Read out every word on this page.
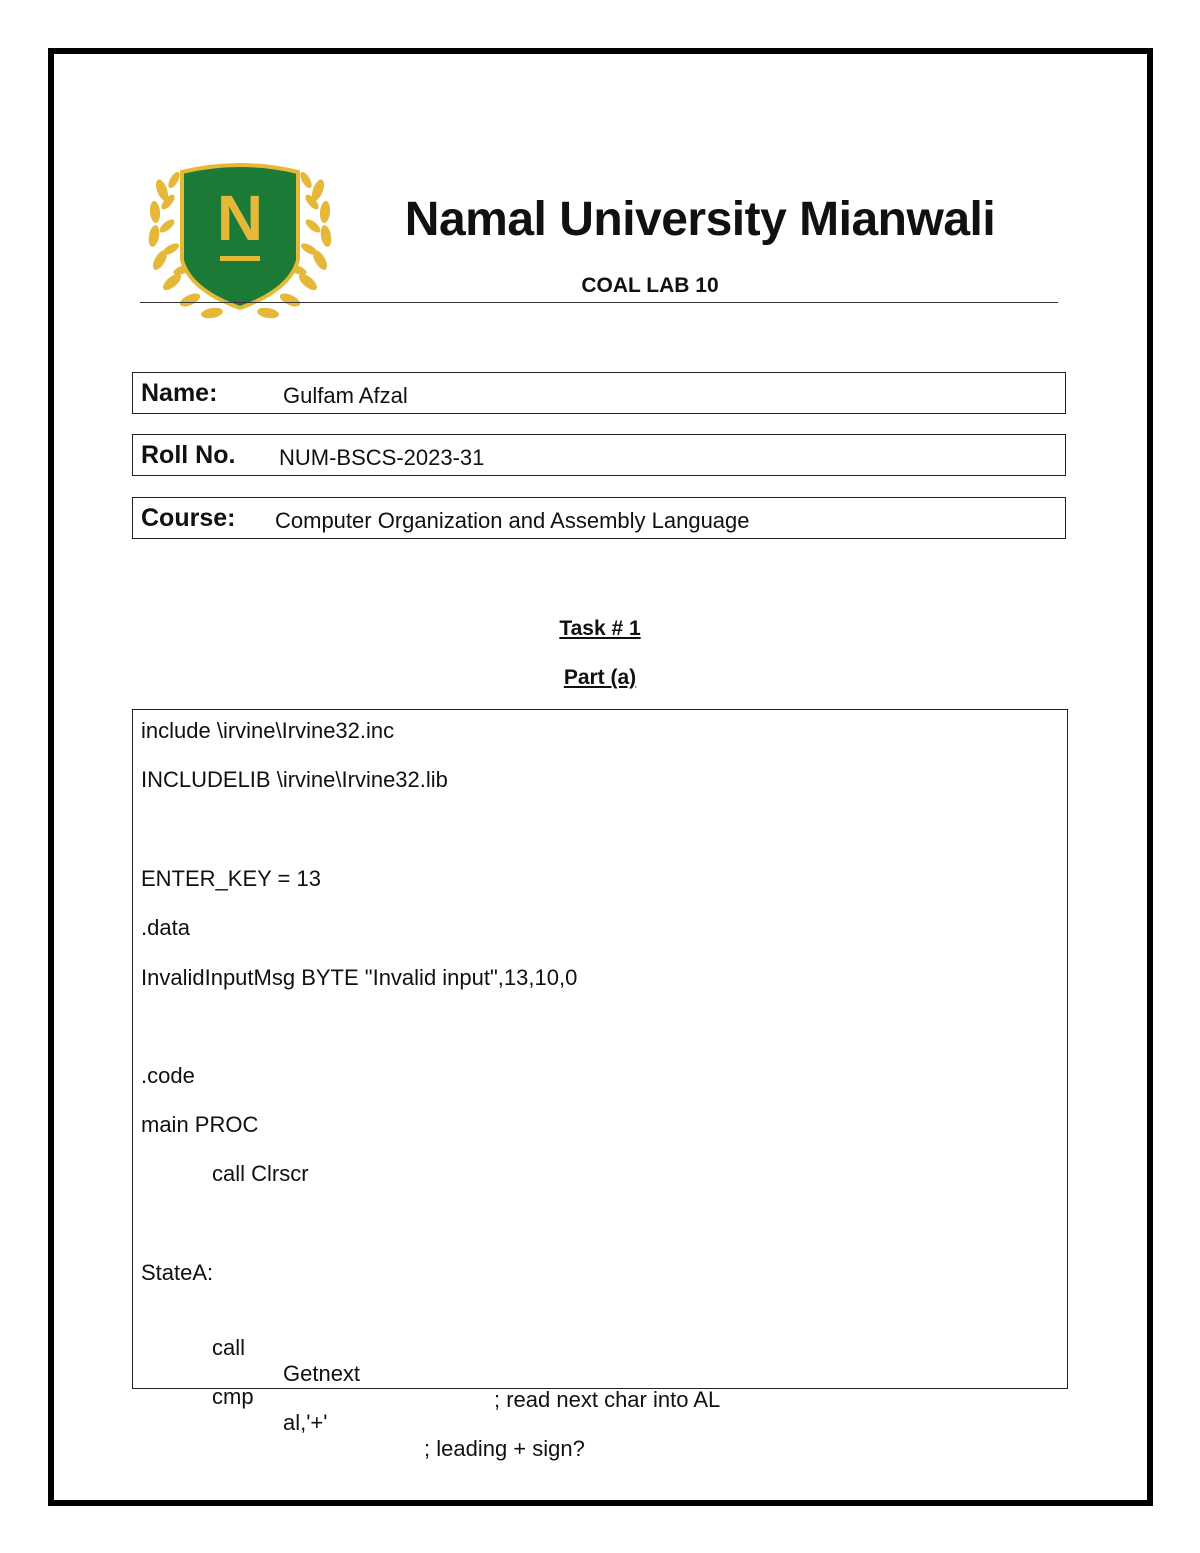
N	Namal University Mianwali
COAL LAB 10
Name:	Gulfam Afzal
Roll No. NUM-BSCS-2023-31
Course: Computer Organization and Assembly Language
Task # 1
Part (a)
include \irvine\Irvine32.inc
INCLUDELIB \irvine\Irvine32.lib
ENTER_KEY = 13
.data
InvalidInputMsg BYTE "Invalid input",13,10,0
.code
main PROC
call Clrscr
StateA:

call

Getnext

; read next char into AL

cmp

al,'+'

; leading + sign?
